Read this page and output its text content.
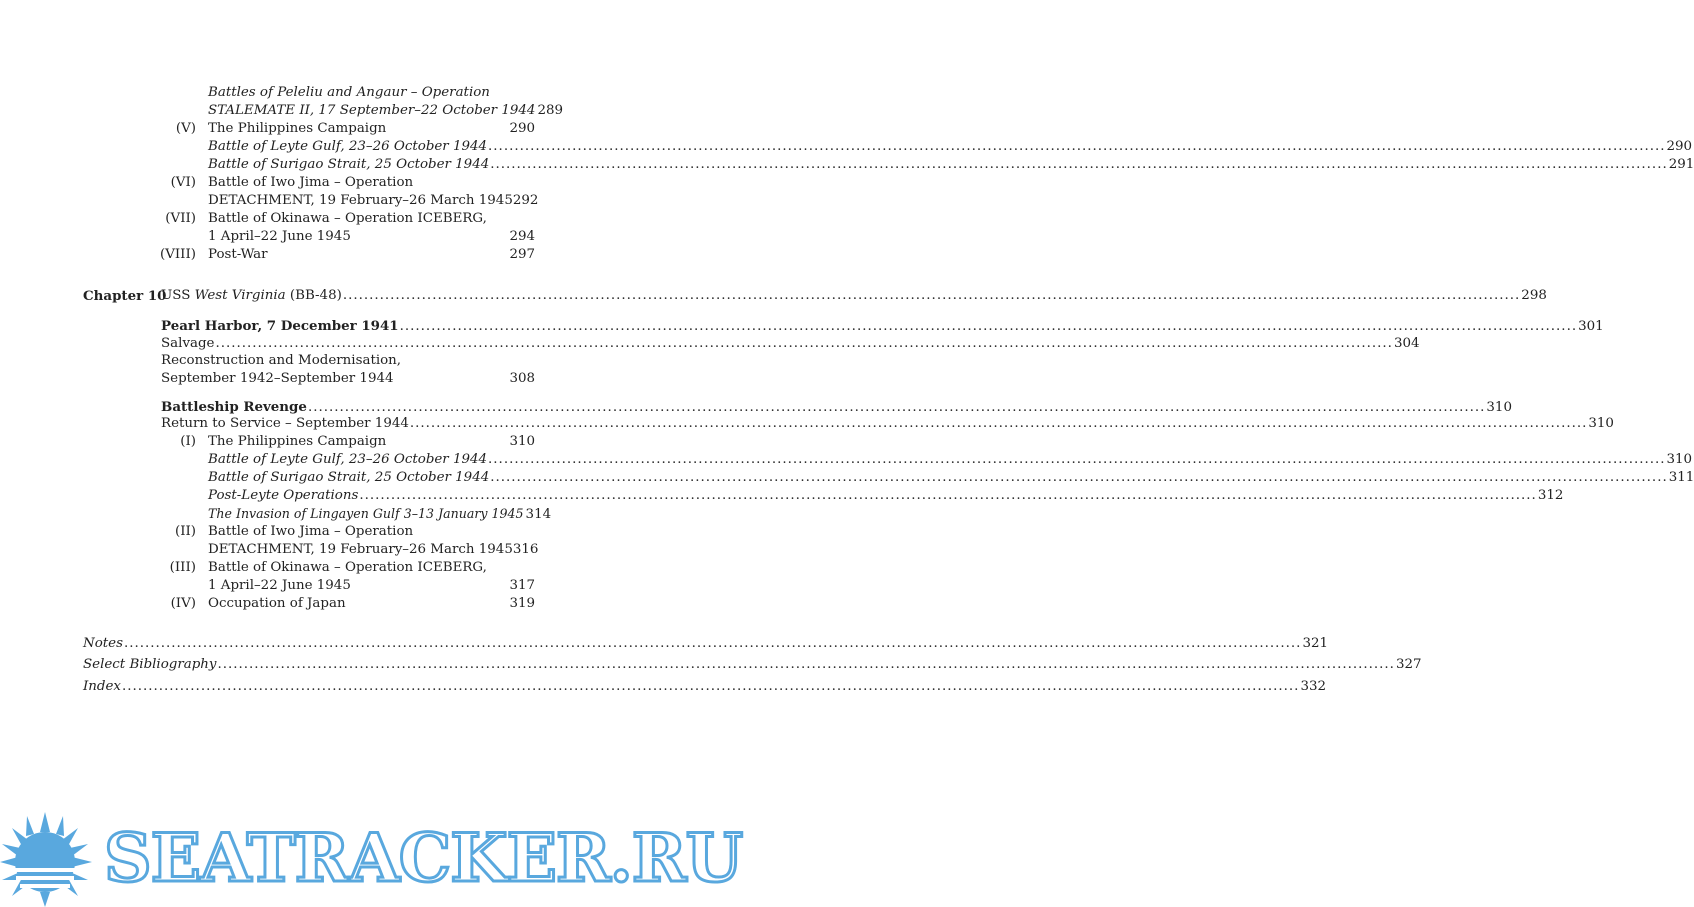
Battles of Peleliu and Angaur – Operation
STALEMATE II, 17 September–22 October 1944 289
(V) The Philippines Campaign	290
Battle of Leyte Gulf, 23–26 October 1944 .....	290
Battle of Surigao Strait, 25 October 1944 .....	291
(VI) Battle of Iwo Jima – Operation
DETACHMENT, 19 February–26 March 1945 292
(VII) Battle of Okinawa – Operation ICEBERG,
1 April–22 June 1945	294
(VIII) Post-War	297
Chapter 10
USS West Virginia (BB-48) .....	298
Pearl Harbor, 7 December 1941 .....	301
Salvage .....	304
Reconstruction and Modernisation,
September 1942–September 1944	308
Battleship Revenge .....	310
Return to Service – September 1944 .....	310
(I) The Philippines Campaign	310
Battle of Leyte Gulf, 23–26 October 1944 .....	310
Battle of Surigao Strait, 25 October 1944 .....	311
Post-Leyte Operations .....	312
The Invasion of Lingayen Gulf 3–13 January 1945 314
(II) Battle of Iwo Jima – Operation
DETACHMENT, 19 February–26 March 1945 316
(III) Battle of Okinawa – Operation ICEBERG,
1 April–22 June 1945	317
(IV) Occupation of Japan	319
Notes .....	321
Select Bibliography .....	327
Index .....	332
SEATRACKER.RU
